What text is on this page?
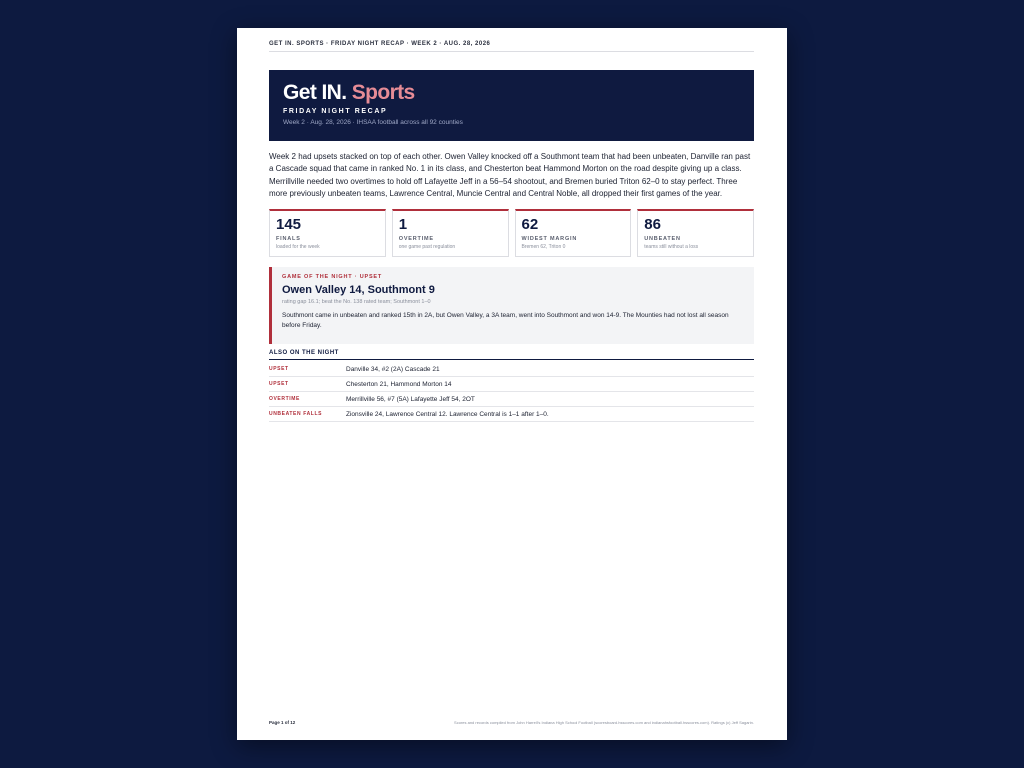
GET IN. SPORTS · FRIDAY NIGHT RECAP · WEEK 2 · AUG. 28, 2026
Get IN. Sports
FRIDAY NIGHT RECAP
Week 2 · Aug. 28, 2026 · IHSAA football across all 92 counties

Week 2 had upsets stacked on top of each other. Owen Valley knocked off a Southmont team that had been unbeaten, Danville ran past a Cascade squad that came in ranked No. 1 in its class, and Chesterton beat Hammond Morton on the road despite giving up a class. Merrillville needed two overtimes to hold off Lafayette Jeff in a 56–54 shootout, and Bremen buried Triton 62–0 to stay perfect. Three more previously unbeaten teams, Lawrence Central, Muncie Central and Central Noble, all dropped their first games of the year.

145
FINALS
loaded for the week
1
OVERTIME
one game past regulation
62
WIDEST MARGIN
Bremen 62, Triton 0
86
UNBEATEN
teams still without a loss
GAME OF THE NIGHT · UPSET
Owen Valley 14, Southmont 9
rating gap 16.1; beat the No. 138 rated team; Southmont 1–0
Southmont came in unbeaten and ranked 15th in 2A, but Owen Valley, a 3A team, went into Southmont and won 14-9. The Mounties had not lost all season before Friday.
ALSO ON THE NIGHT
UPSET	Danville 34, #2 (2A) Cascade 21
UPSET	Chesterton 21, Hammond Morton 14
OVERTIME	Merrillville 56, #7 (5A) Lafayette Jeff 54, 2OT
UNBEATEN FALLS	Zionsville 24, Lawrence Central 12. Lawrence Central is 1–1 after 1–0.
Page 1 of 12	Scores and records compiled from John Harrell's Indiana High School Football (scoresboard.hsscores.com and indianahsfootball.hsscores.com). Ratings (c) Jeff Sagarin.
